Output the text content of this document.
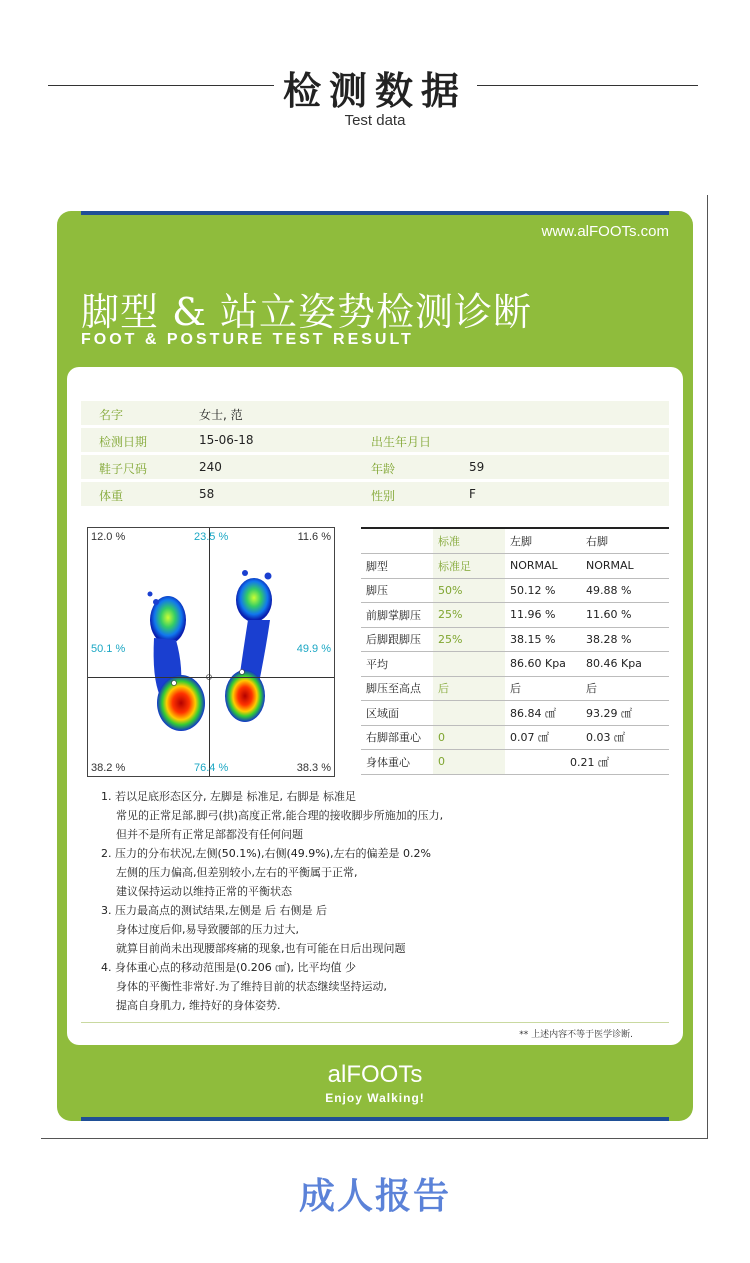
检测数据
Test data
www.alFOOTs.com
脚型 & 站立姿势检测诊断
FOOT & POSTURE TEST RESULT
名字	女士, 范
检测日期	15-06-18	出生年月日
鞋子尺码	240	年龄	59
体重	58	性别	F
12.0 %	23.5 %	11.6 %
50.1 %	49.9 %
38.2 %	76.4 %	38.3 %

	标准	左脚	右脚
脚型	标准足	NORMAL	NORMAL
脚压	50%	50.12 %	49.88 %
前脚掌脚压	25%	11.96 %	11.60 %
后脚跟脚压	25%	38.15 %	38.28 %
平均		86.60 Kpa	80.46 Kpa
脚压至高点	后	后	后
区域面		86.84 ㎠	93.29 ㎠
右脚部重心	0	0.07 ㎠	0.03 ㎠
身体重心	0	0.21 ㎠	
1. 若以足底形态区分, 左脚是 标准足, 右脚是 标准足
常见的正常足部,脚弓(拱)高度正常,能合理的接收脚步所施加的压力,
但并不是所有正常足部都没有任何问题
2. 压力的分布状况,左侧(50.1%),右侧(49.9%),左右的偏差是 0.2%
左侧的压力偏高,但差别较小,左右的平衡属于正常,
建议保持运动以维持正常的平衡状态
3. 压力最高点的测试结果,左侧是 后 右侧是 后
身体过度后仰,易导致腰部的压力过大,
就算目前尚未出现腰部疼痛的现象,也有可能在日后出现问题
4. 身体重心点的移动范围是(0.206 ㎠), 比平均值 少
身体的平衡性非常好.为了维持目前的状态继续坚持运动,
提高自身肌力, 维持好的身体姿势.
** 上述内容不等于医学诊断.
alFOOTs
Enjoy Walking!
成人报告
